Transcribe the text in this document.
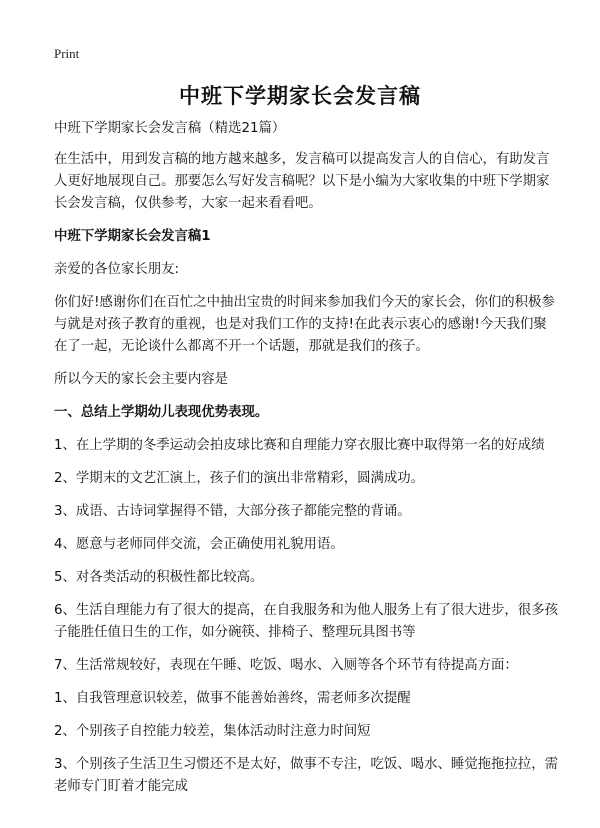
Print
中班下学期家长会发言稿

中班下学期家长会发言稿（精选21篇）

在生活中，用到发言稿的地方越来越多，发言稿可以提高发言人的自信心，有助发言人更好地展现自己。那要怎么写好发言稿呢？以下是小编为大家收集的中班下学期家长会发言稿，仅供参考，大家一起来看看吧。

中班下学期家长会发言稿1

亲爱的各位家长朋友:

你们好!感谢你们在百忙之中抽出宝贵的时间来参加我们今天的家长会，你们的积极参与就是对孩子教育的重视，也是对我们工作的支持!在此表示衷心的感谢!今天我们聚在了一起，无论谈什么都离不开一个话题，那就是我们的孩子。

所以今天的家长会主要内容是

一、总结上学期幼儿表现优势表现。

1、在上学期的冬季运动会拍皮球比赛和自理能力穿衣服比赛中取得第一名的好成绩

2、学期末的文艺汇演上，孩子们的演出非常精彩，圆满成功。

3、成语、古诗词掌握得不错，大部分孩子都能完整的背诵。

4、愿意与老师同伴交流，会正确使用礼貌用语。

5、对各类活动的积极性都比较高。

6、生活自理能力有了很大的提高，在自我服务和为他人服务上有了很大进步，很多孩子能胜任值日生的工作，如分碗筷、排椅子、整理玩具图书等

7、生活常规较好，表现在午睡、吃饭、喝水、入厕等各个环节有待提高方面：

1、自我管理意识较差，做事不能善始善终，需老师多次提醒

2、个别孩子自控能力较差，集体活动时注意力时间短

3、个别孩子生活卫生习惯还不是太好，做事不专注，吃饭、喝水、睡觉拖拖拉拉，需老师专门盯着才能完成
